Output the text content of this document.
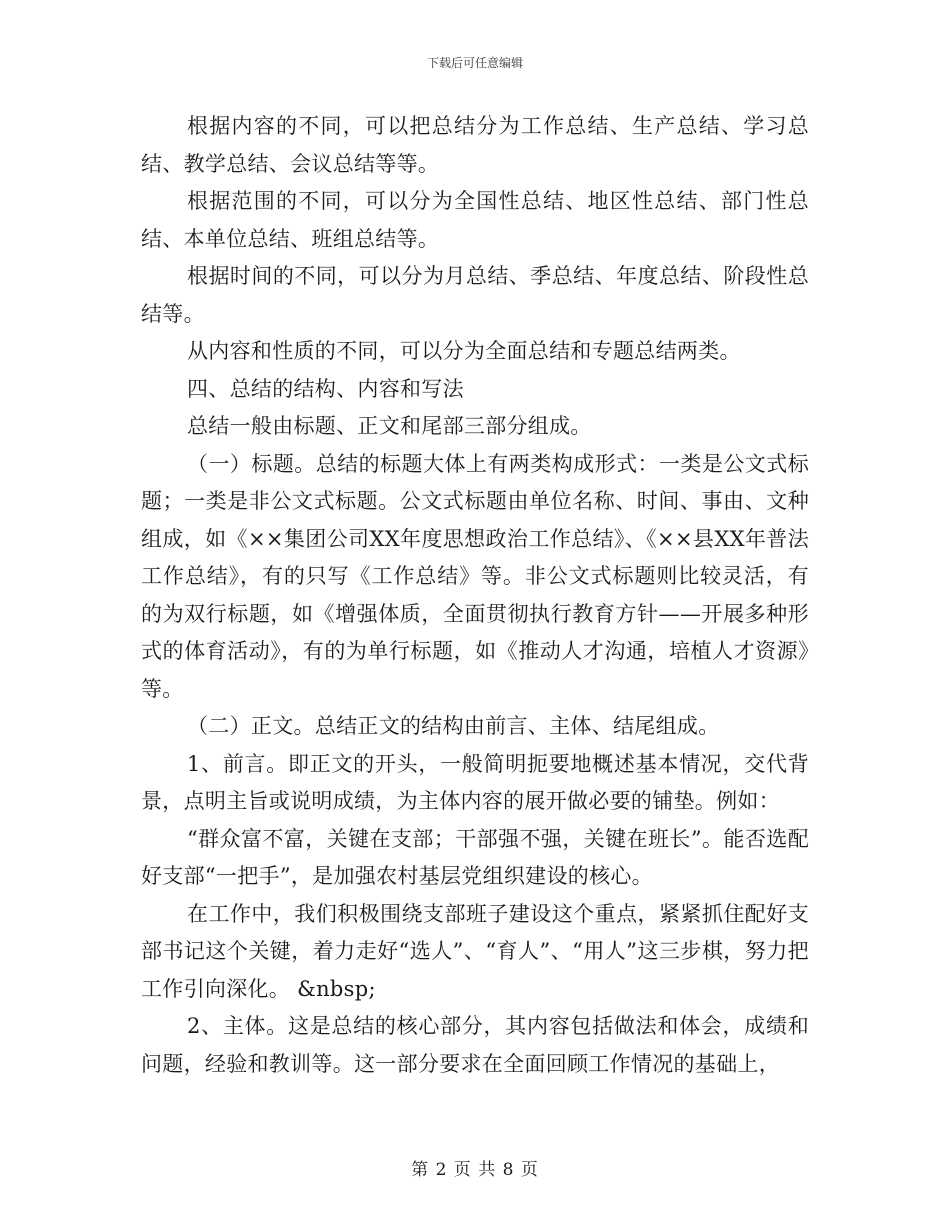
下载后可任意编辑

根据内容的不同，可以把总结分为工作总结、生产总结、学习总结、教学总结、会议总结等等。

根据范围的不同，可以分为全国性总结、地区性总结、部门性总结、本单位总结、班组总结等。

根据时间的不同，可以分为月总结、季总结、年度总结、阶段性总结等。

从内容和性质的不同，可以分为全面总结和专题总结两类。

四、总结的结构、内容和写法

总结一般由标题、正文和尾部三部分组成。

（一）标题。总结的标题大体上有两类构成形式：一类是公文式标题；一类是非公文式标题。公文式标题由单位名称、时间、事由、文种组成，如《××集团公司XX年度思想政治工作总结》、《××县XX年普法工作总结》，有的只写《工作总结》等。非公文式标题则比较灵活，有的为双行标题，如《增强体质，全面贯彻执行教育方针——开展多种形式的体育活动》，有的为单行标题，如《推动人才沟通，培植人才资源》等。

（二）正文。总结正文的结构由前言、主体、结尾组成。

1、前言。即正文的开头，一般简明扼要地概述基本情况，交代背景，点明主旨或说明成绩，为主体内容的展开做必要的铺垫。例如：

“群众富不富，关键在支部；干部强不强，关键在班长”。能否选配好支部“一把手”，是加强农村基层党组织建设的核心。

在工作中，我们积极围绕支部班子建设这个重点，紧紧抓住配好支部书记这个关键，着力走好“选人”、“育人”、“用人”这三步棋，努力把工作引向深化。 &nbsp;

2、主体。这是总结的核心部分，其内容包括做法和体会，成绩和问题，经验和教训等。这一部分要求在全面回顾工作情况的基础上，

第 2 页 共 8 页
